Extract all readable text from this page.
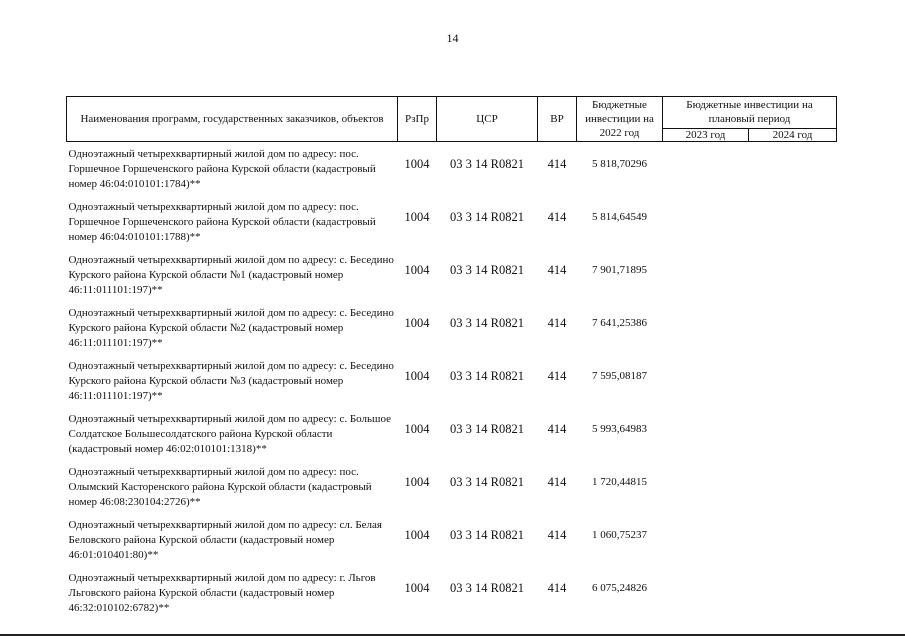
14
Наименования программ, государственных заказчиков, объектов	РзПр	ЦСР	ВР	Бюджетные инвестиции на 2022 год	Бюджетные инвестиции на плановый период	
					2023 год	2024 год
Одноэтажный четырехквартирный жилой дом по адресу: пос. Горшечное Горшеченского района Курской области (кадастровый номер 46:04:010101:1784)**	1004	03 3 14 R0821	414	5 818,70296		
Одноэтажный четырехквартирный жилой дом по адресу: пос. Горшечное Горшеченского района Курской области (кадастровый номер 46:04:010101:1788)**	1004	03 3 14 R0821	414	5 814,64549		
Одноэтажный четырехквартирный жилой дом по адресу: с. Беседино Курского района Курской области №1 (кадастровый номер 46:11:011101:197)**	1004	03 3 14 R0821	414	7 901,71895		
Одноэтажный четырехквартирный жилой дом по адресу: с. Беседино Курского района Курской области №2 (кадастровый номер 46:11:011101:197)**	1004	03 3 14 R0821	414	7 641,25386		
Одноэтажный четырехквартирный жилой дом по адресу: с. Беседино Курского района Курской области №3 (кадастровый номер 46:11:011101:197)**	1004	03 3 14 R0821	414	7 595,08187		
Одноэтажный четырехквартирный жилой дом по адресу: с. Большое Солдатское Большесолдатского района Курской области (кадастровый номер 46:02:010101:1318)**	1004	03 3 14 R0821	414	5 993,64983		
Одноэтажный четырехквартирный жилой дом по адресу: пос. Олымский Касторенского района Курской области (кадастровый номер 46:08:230104:2726)**	1004	03 3 14 R0821	414	1 720,44815		
Одноэтажный четырехквартирный жилой дом по адресу: сл. Белая Беловского района Курской области (кадастровый номер 46:01:010401:80)**	1004	03 3 14 R0821	414	1 060,75237		
Одноэтажный четырехквартирный жилой дом по адресу: г. Льгов Льговского района Курской области (кадастровый номер 46:32:010102:6782)**	1004	03 3 14 R0821	414	6 075,24826		
